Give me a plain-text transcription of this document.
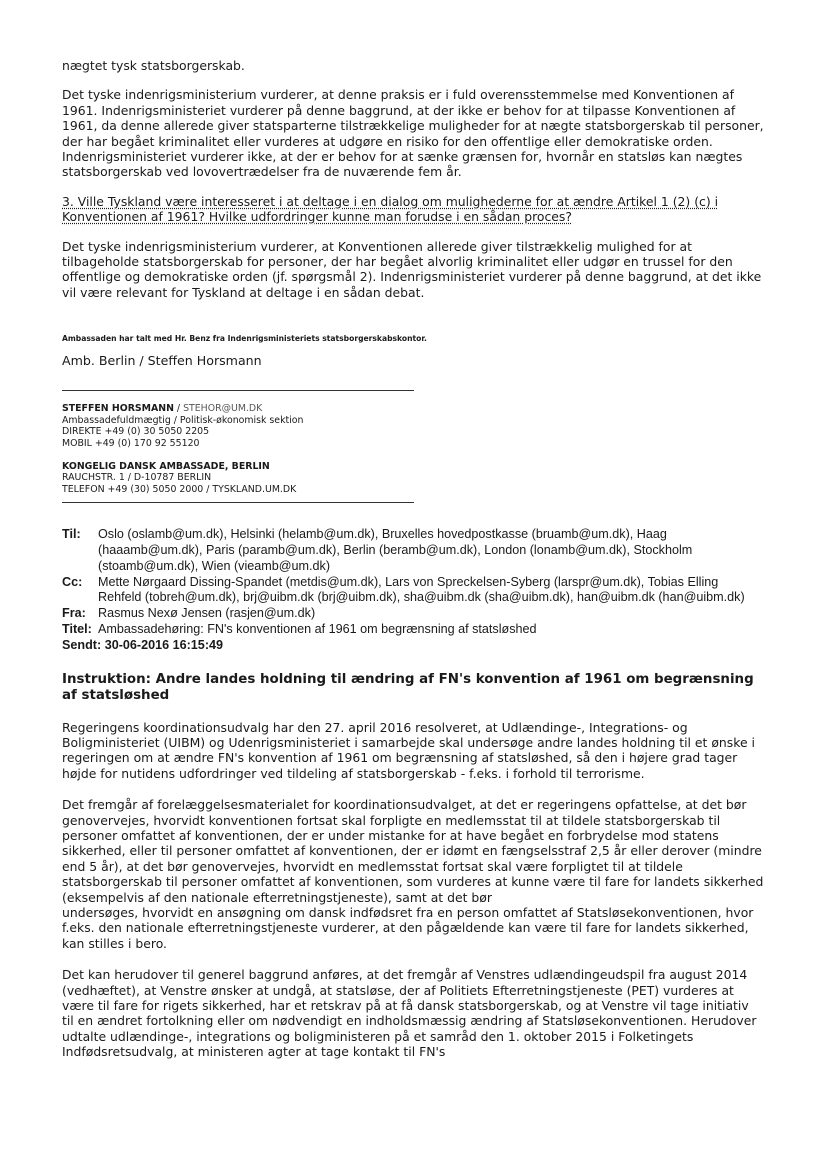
nægtet tysk statsborgerskab.

Det tyske indenrigsministerium vurderer, at denne praksis er i fuld overensstemmelse med Konventionen af 1961. Indenrigsministeriet vurderer på denne baggrund, at der ikke er behov for at tilpasse Konventionen af 1961, da denne allerede giver statsparterne tilstrækkelige muligheder for at nægte statsborgerskab til personer, der har begået kriminalitet eller vurderes at udgøre en risiko for den offentlige eller demokratiske orden. Indenrigsministeriet vurderer ikke, at der er behov for at sænke grænsen for, hvornår en statsløs kan nægtes statsborgerskab ved lovovertrædelser fra de nuværende fem år.

3. Ville Tyskland være interesseret i at deltage i en dialog om mulighederne for at ændre Artikel 1 (2) (c) i Konventionen af 1961? Hvilke udfordringer kunne man forudse i en sådan proces?

Det tyske indenrigsministerium vurderer, at Konventionen allerede giver tilstrækkelig mulighed for at tilbageholde statsborgerskab for personer, der har begået alvorlig kriminalitet eller udgør en trussel for den offentlige og demokratiske orden (jf. spørgsmål 2). Indenrigsministeriet vurderer på denne baggrund, at det ikke vil være relevant for Tyskland at deltage i en sådan debat.

Ambassaden har talt med Hr. Benz fra Indenrigsministeriets statsborgerskabskontor.
Amb. Berlin / Steffen Horsmann
STEFFEN HORSMANN / STEHOR@UM.DK
Ambassadefuldmægtig / Politisk-økonomisk sektion
DIREKTE +49 (0) 30 5050 2205
MOBIL +49 (0) 170 92 55120
KONGELIG DANSK AMBASSADE, BERLIN
RAUCHSTR. 1 / D-10787 BERLIN
TELEFON +49 (30) 5050 2000 / TYSKLAND.UM.DK
Til:	Oslo (oslamb@um.dk), Helsinki (helamb@um.dk), Bruxelles hovedpostkasse (bruamb@um.dk), Haag (haaamb@um.dk), Paris (paramb@um.dk), Berlin (beramb@um.dk), London (lonamb@um.dk), Stockholm (stoamb@um.dk), Wien (vieamb@um.dk)
Cc:	Mette Nørgaard Dissing-Spandet (metdis@um.dk), Lars von Spreckelsen-Syberg (larspr@um.dk), Tobias Elling Rehfeld (tobreh@um.dk), brj@uibm.dk (brj@uibm.dk), sha@uibm.dk (sha@uibm.dk), han@uibm.dk (han@uibm.dk)
Fra: Rasmus Nexø Jensen (rasjen@um.dk)
Titel: Ambassadehøring: FN's konventionen af 1961 om begrænsning af statsløshed
Sendt: 30-06-2016 16:15:49
Instruktion: Andre landes holdning til ændring af FN's konvention af 1961 om begrænsning af statsløshed

Regeringens koordinationsudvalg har den 27. april 2016 resolveret, at Udlændinge-, Integrations- og Boligministeriet (UIBM) og Udenrigsministeriet i samarbejde skal undersøge andre landes holdning til et ønske i regeringen om at ændre FN's konvention af 1961 om begrænsning af statsløshed, så den i højere grad tager højde for nutidens udfordringer ved tildeling af statsborgerskab - f.eks. i forhold til terrorisme.

Det fremgår af forelæggelsesmaterialet for koordinationsudvalget, at det er regeringens opfattelse, at det bør genovervejes, hvorvidt konventionen fortsat skal forpligte en medlemsstat til at tildele statsborgerskab til personer omfattet af konventionen, der er under mistanke for at have begået en forbrydelse mod statens sikkerhed, eller til personer omfattet af konventionen, der er idømt en fængselsstraf 2,5 år eller derover (mindre end 5 år), at det bør genovervejes, hvorvidt en medlemsstat fortsat skal være forpligtet til at tildele statsborgerskab til personer omfattet af konventionen, som vurderes at kunne være til fare for landets sikkerhed (eksempelvis af den nationale efterretningstjeneste), samt at det bør

undersøges, hvorvidt en ansøgning om dansk indfødsret fra en person omfattet af Statsløsekonventionen, hvor f.eks. den nationale efterretningstjeneste vurderer, at den pågældende kan være til fare for landets sikkerhed, kan stilles i bero.

Det kan herudover til generel baggrund anføres, at det fremgår af Venstres udlændingeudspil fra august 2014 (vedhæftet), at Venstre ønsker at undgå, at statsløse, der af Politiets Efterretningstjeneste (PET) vurderes at være til fare for rigets sikkerhed, har et retskrav på at få dansk statsborgerskab, og at Venstre vil tage initiativ til en ændret fortolkning eller om nødvendigt en indholdsmæssig ændring af Statsløsekonventionen. Herudover udtalte udlændinge-, integrations og boligministeren på et samråd den 1. oktober 2015 i Folketingets Indfødsretsudvalg, at ministeren agter at tage kontakt til FN's
